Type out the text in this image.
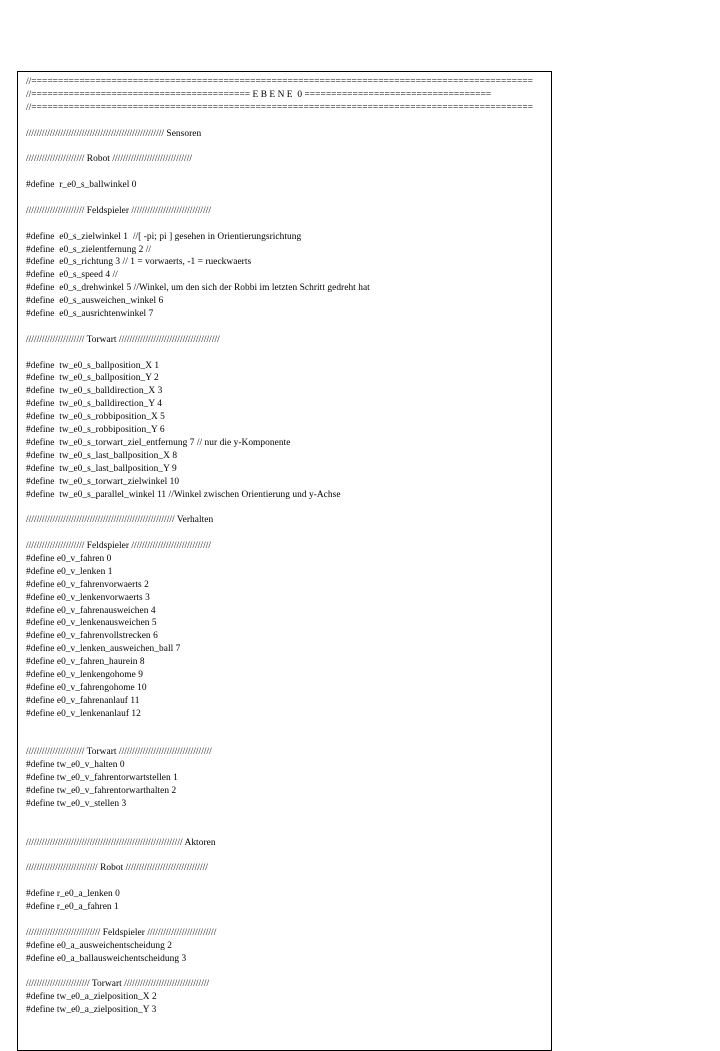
//==============================================================================================
//========================================= E B E N E  0 ===================================
//==============================================================================================
//////////////////////////////////////////////////// Sensoren
////////////////////// Robot //////////////////////////////
#define  r_e0_s_ballwinkel 0
////////////////////// Feldspieler //////////////////////////////
#define  e0_s_zielwinkel 1  //[ -pi; pi ] gesehen in Orientierungsrichtung
#define  e0_s_zielentfernung 2 //
#define  e0_s_richtung 3 // 1 = vorwaerts, -1 = rueckwaerts
#define  e0_s_speed 4 //
#define  e0_s_drehwinkel 5 //Winkel, um den sich der Robbi im letzten Schritt gedreht hat
#define  e0_s_ausweichen_winkel 6
#define  e0_s_ausrichtenwinkel 7
////////////////////// Torwart //////////////////////////////////////
#define  tw_e0_s_ballposition_X 1
#define  tw_e0_s_ballposition_Y 2
#define  tw_e0_s_balldirection_X 3
#define  tw_e0_s_balldirection_Y 4
#define  tw_e0_s_robbiposition_X 5
#define  tw_e0_s_robbiposition_Y 6
#define  tw_e0_s_torwart_ziel_entfernung 7 // nur die y-Komponente
#define  tw_e0_s_last_ballposition_X 8
#define  tw_e0_s_last_ballposition_Y 9
#define  tw_e0_s_torwart_zielwinkel 10
#define  tw_e0_s_parallel_winkel 11 //Winkel zwischen Orientierung und y-Achse
//////////////////////////////////////////////////////// Verhalten
////////////////////// Feldspieler //////////////////////////////
#define e0_v_fahren 0
#define e0_v_lenken 1
#define e0_v_fahrenvorwaerts 2
#define e0_v_lenkenvorwaerts 3
#define e0_v_fahrenausweichen 4
#define e0_v_lenkenausweichen 5
#define e0_v_fahrenvollstrecken 6
#define e0_v_lenken_ausweichen_ball 7
#define e0_v_fahren_haurein 8
#define e0_v_lenkengohome 9
#define e0_v_fahrengohome 10
#define e0_v_fahrenanlauf 11
#define e0_v_lenkenanlauf 12
////////////////////// Torwart ///////////////////////////////////
#define tw_e0_v_halten 0
#define tw_e0_v_fahrentorwartstellen 1
#define tw_e0_v_fahrentorwarthalten 2
#define tw_e0_v_stellen 3
/////////////////////////////////////////////////////////// Aktoren
/////////////////////////// Robot ///////////////////////////////
#define r_e0_a_lenken 0
#define r_e0_a_fahren 1
//////////////////////////// Feldspieler //////////////////////////
#define e0_a_ausweichentscheidung 2
#define e0_a_ballausweichentscheidung 3
//////////////////////// Torwart ////////////////////////////////
#define tw_e0_a_zielposition_X 2
#define tw_e0_a_zielposition_Y 3
